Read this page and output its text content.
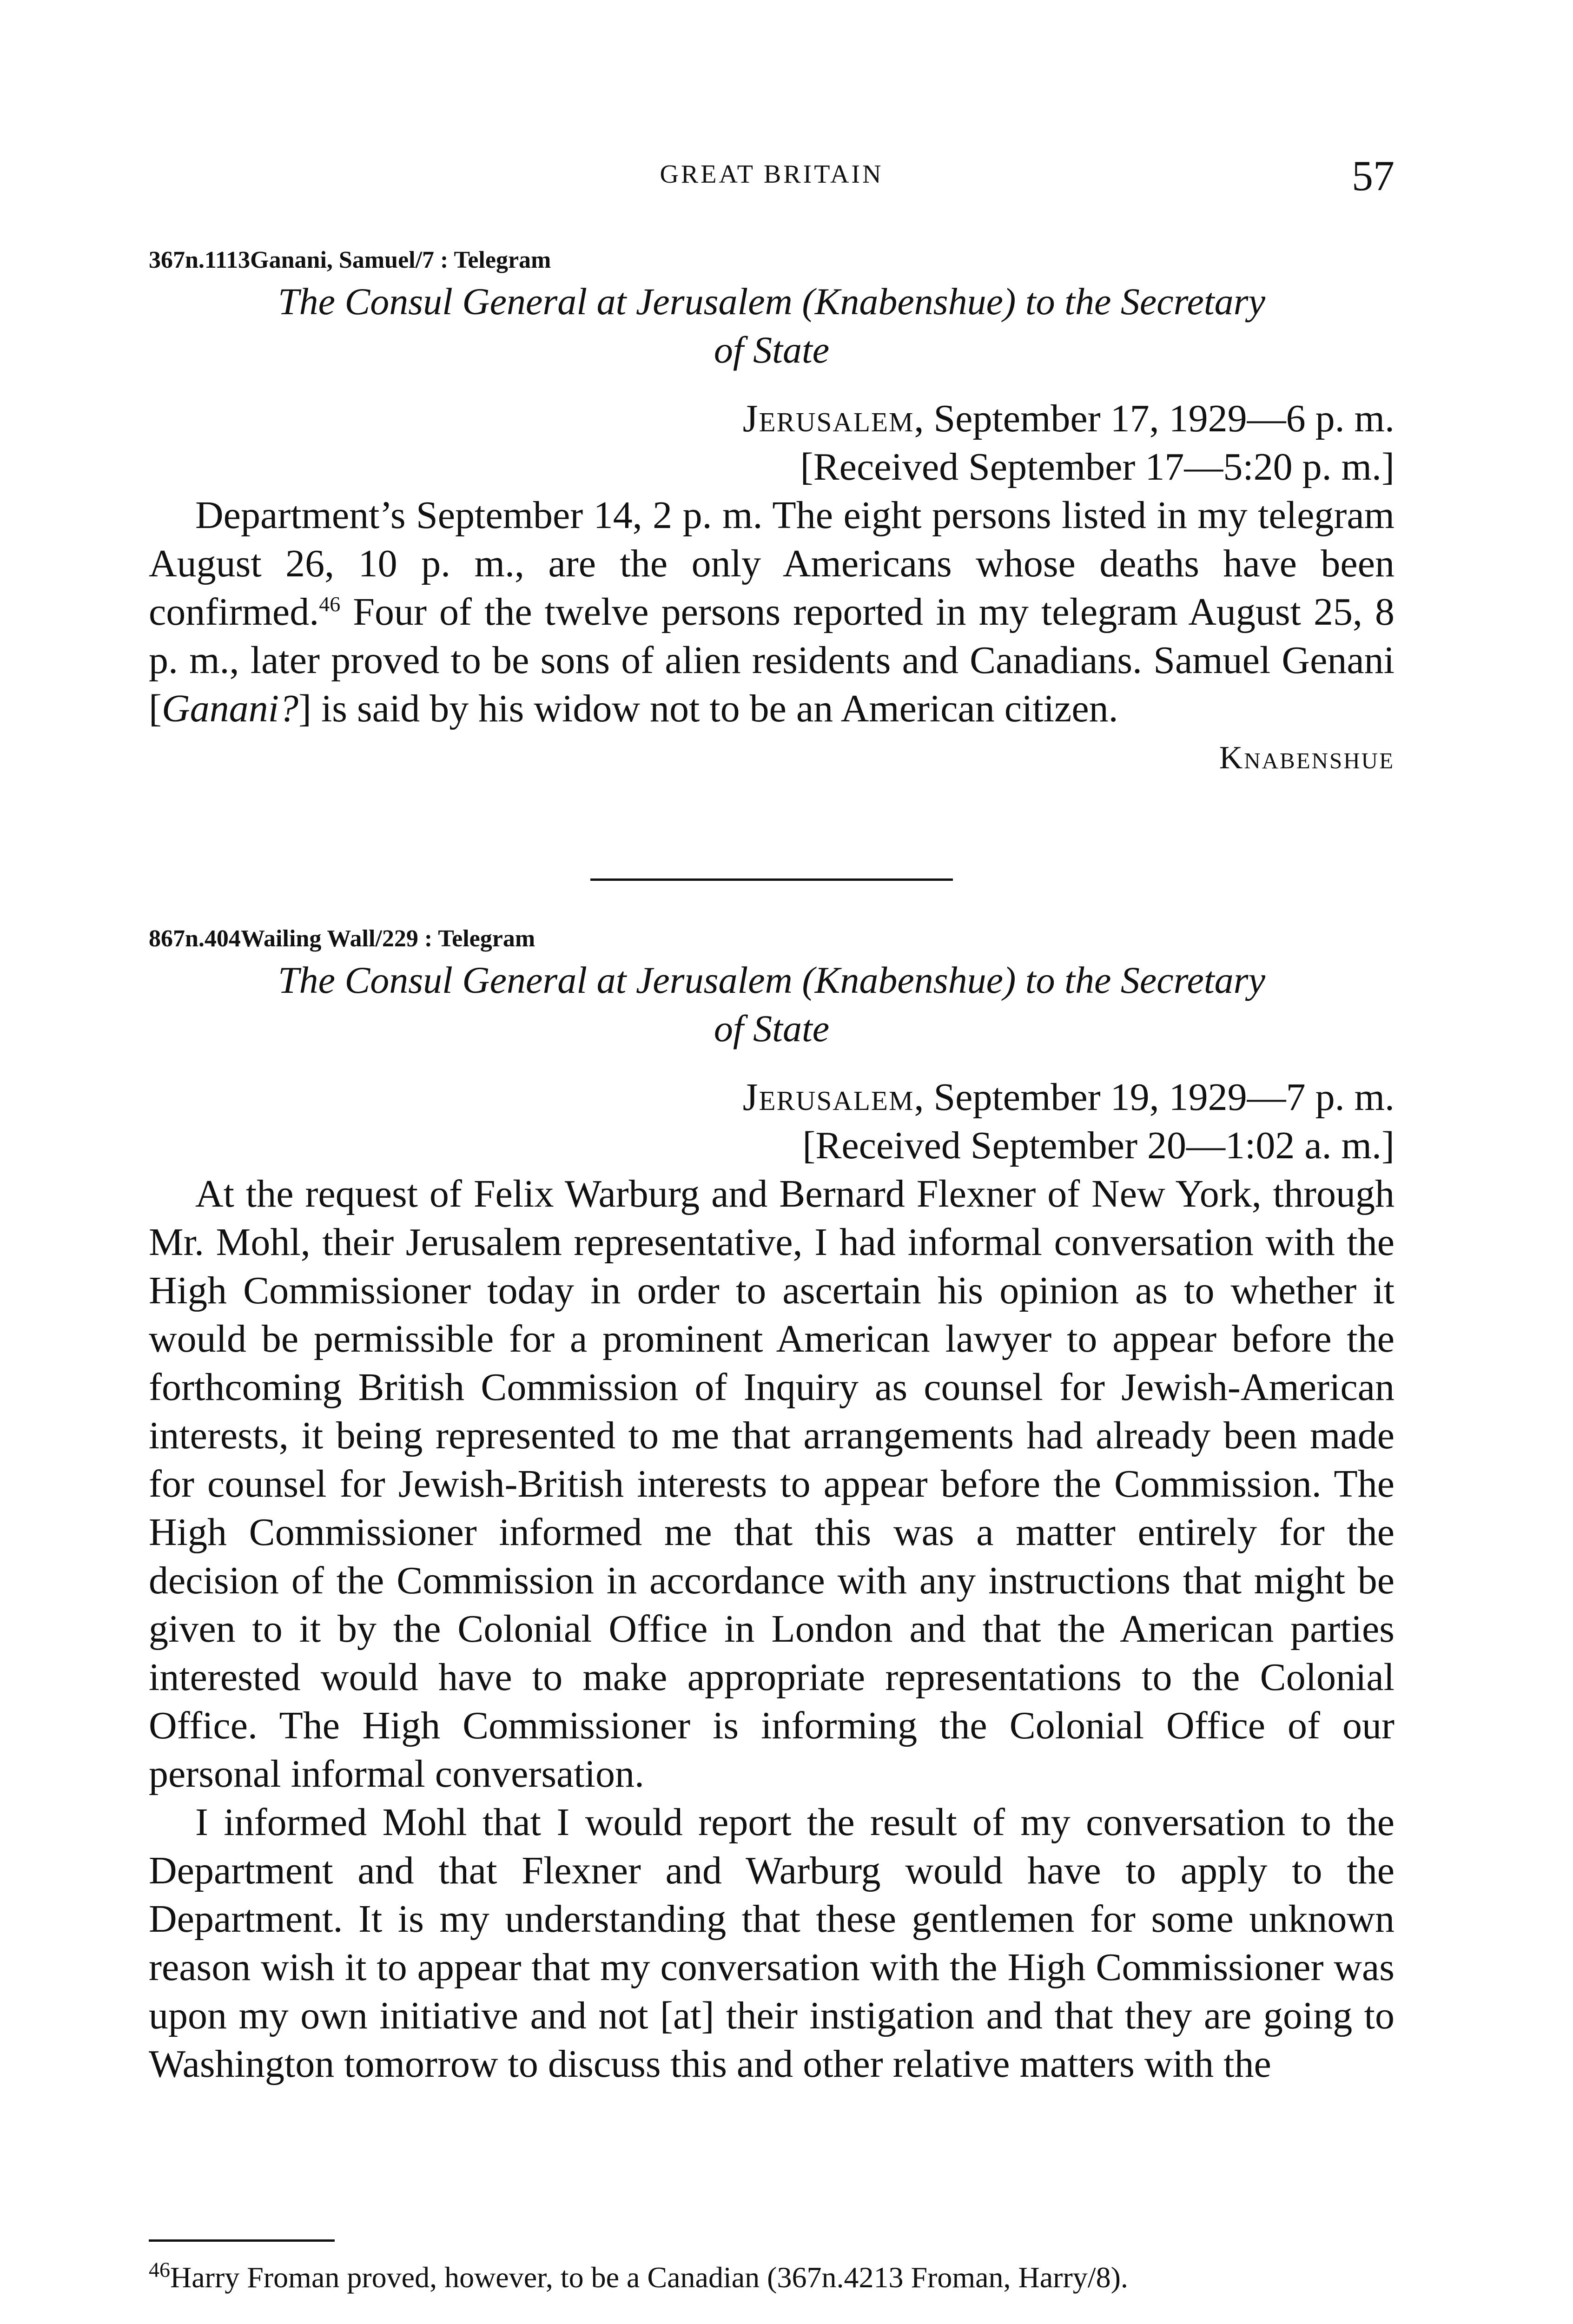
GREAT BRITAIN	57
367n.1113Ganani, Samuel/7 : Telegram
The Consul General at Jerusalem (Knabenshue) to the Secretary
of State
Jerusalem, September 17, 1929—6 p. m.
[Received September 17—5:20 p. m.]

Department’s September 14, 2 p. m. The eight persons listed in my telegram August 26, 10 p. m., are the only Americans whose deaths have been confirmed.$^{46}$ Four of the twelve persons reported in my telegram August 25, 8 p. m., later proved to be sons of alien residents and Canadians. Samuel Genani [Ganani?] is said by his widow not to be an American citizen.

Knabenshue
867n.404Wailing Wall/229 : Telegram
The Consul General at Jerusalem (Knabenshue) to the Secretary
of State
Jerusalem, September 19, 1929—7 p. m.
[Received September 20—1:02 a. m.]

At the request of Felix Warburg and Bernard Flexner of New York, through Mr. Mohl, their Jerusalem representative, I had informal conversation with the High Commissioner today in order to ascertain his opinion as to whether it would be permissible for a prominent American lawyer to appear before the forthcoming British Commission of Inquiry as counsel for Jewish-American interests, it being represented to me that arrangements had already been made for counsel for Jewish-British interests to appear before the Commission. The High Commissioner informed me that this was a matter entirely for the decision of the Commission in accordance with any instructions that might be given to it by the Colonial Office in London and that the American parties interested would have to make appropriate representations to the Colonial Office. The High Commissioner is informing the Colonial Office of our personal informal conversation.

I informed Mohl that I would report the result of my conversation to the Department and that Flexner and Warburg would have to apply to the Department. It is my understanding that these gentlemen for some unknown reason wish it to appear that my conversation with the High Commissioner was upon my own initiative and not [at] their instigation and that they are going to Washington tomorrow to discuss this and other relative matters with the

$^{46}$Harry Froman proved, however, to be a Canadian (367n.4213 Froman, Harry/8).
